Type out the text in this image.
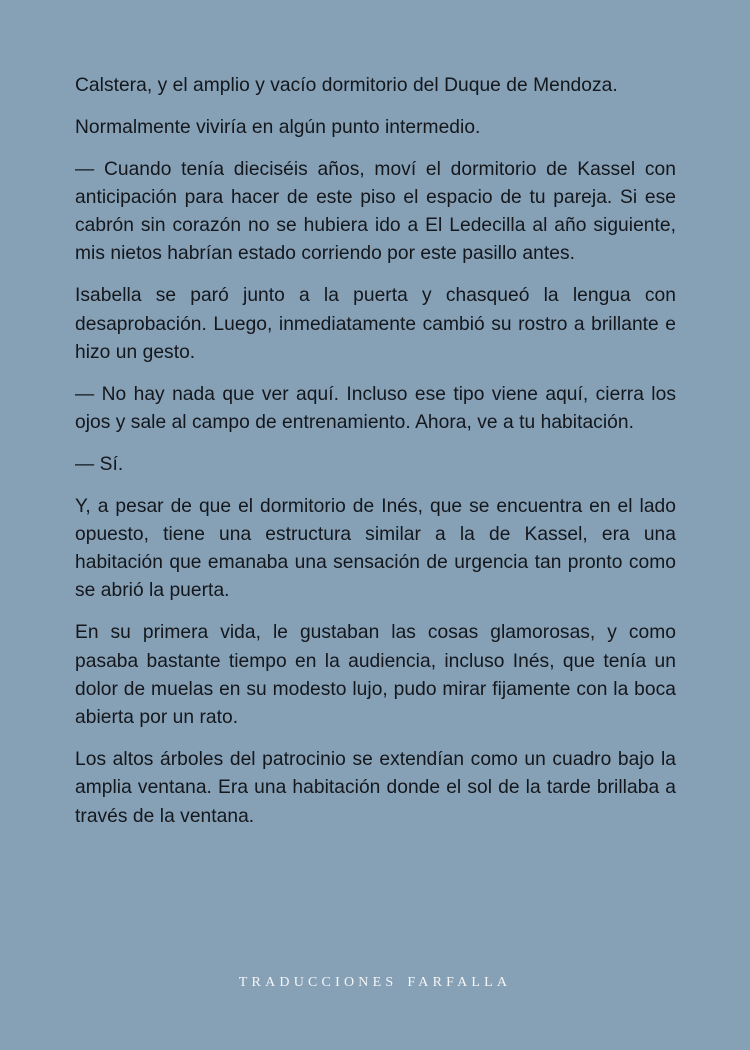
Calstera, y el amplio y vacío dormitorio del Duque de Mendoza.

Normalmente viviría en algún punto intermedio.

— Cuando tenía dieciséis años, moví el dormitorio de Kassel con anticipación para hacer de este piso el espacio de tu pareja. Si ese cabrón sin corazón no se hubiera ido a El Ledecilla al año siguiente, mis nietos habrían estado corriendo por este pasillo antes.

Isabella se paró junto a la puerta y chasqueó la lengua con desaprobación. Luego, inmediatamente cambió su rostro a brillante e hizo un gesto.

— No hay nada que ver aquí. Incluso ese tipo viene aquí, cierra los ojos y sale al campo de entrenamiento. Ahora, ve a tu habitación.

— Sí.

Y, a pesar de que el dormitorio de Inés, que se encuentra en el lado opuesto, tiene una estructura similar a la de Kassel, era una habitación que emanaba una sensación de urgencia tan pronto como se abrió la puerta.

En su primera vida, le gustaban las cosas glamorosas, y como pasaba bastante tiempo en la audiencia, incluso Inés, que tenía un dolor de muelas en su modesto lujo, pudo mirar fijamente con la boca abierta por un rato.

Los altos árboles del patrocinio se extendían como un cuadro bajo la amplia ventana. Era una habitación donde el sol de la tarde brillaba a través de la ventana.

TRADUCCIONES FARFALLA
